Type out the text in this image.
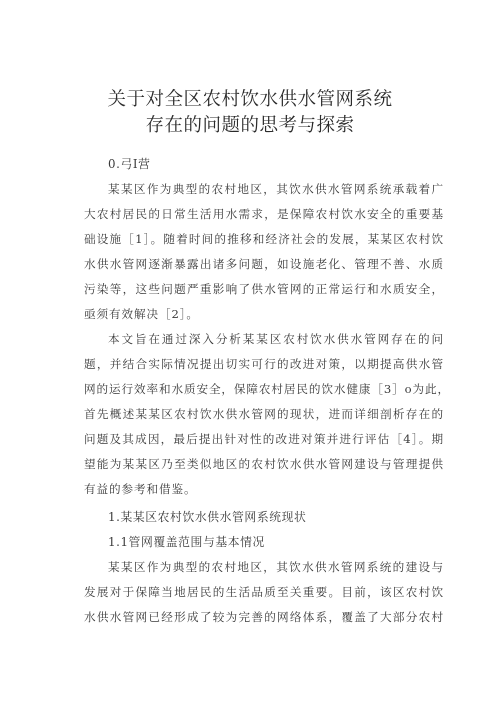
关于对全区农村饮水供水管网系统
存在的问题的思考与探索
0.弓I营
某某区作为典型的农村地区，其饮水供水管网系统承载着广
大农村居民的日常生活用水需求，是保障农村饮水安全的重要基
础设施［1］。随着时间的推移和经济社会的发展，某某区农村饮
水供水管网逐渐暴露出诸多问题，如设施老化、管理不善、水质
污染等，这些问题严重影响了供水管网的正常运行和水质安全，
亟须有效解决［2］。
本文旨在通过深入分析某某区农村饮水供水管网存在的问
题，并结合实际情况提出切实可行的改进对策，以期提高供水管
网的运行效率和水质安全，保障农村居民的饮水健康［3］o为此，
首先概述某某区农村饮水供水管网的现状，进而详细剖析存在的
问题及其成因，最后提出针对性的改进对策并进行评估［4］。期
望能为某某区乃至类似地区的农村饮水供水管网建设与管理提供
有益的参考和借鉴。
1.某某区农村饮水供水管网系统现状
1.1管网覆盖范围与基本情况
某某区作为典型的农村地区，其饮水供水管网系统的建设与
发展对于保障当地居民的生活品质至关重要。目前，该区农村饮
水供水管网已经形成了较为完善的网络体系，覆盖了大部分农村
